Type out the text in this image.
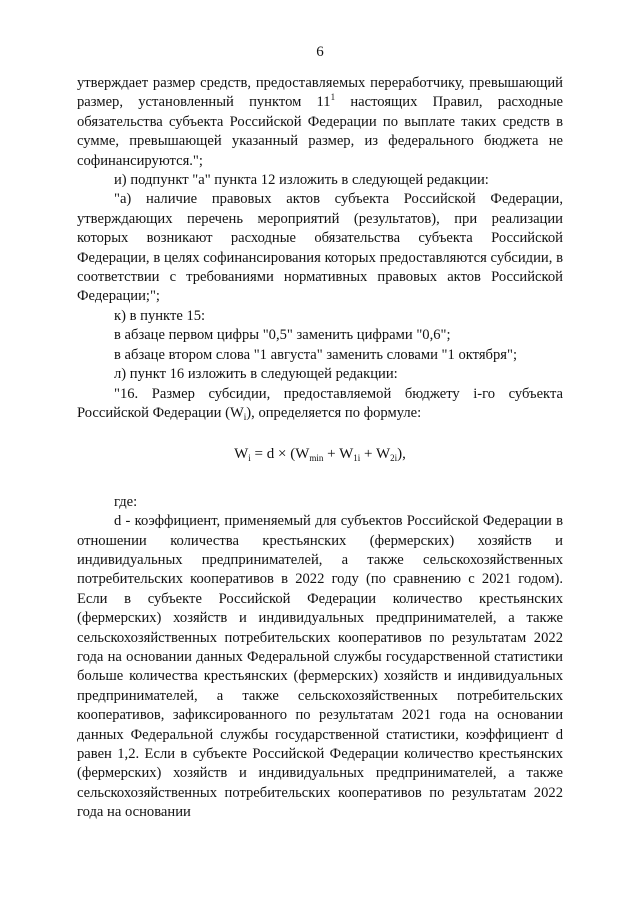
6

утверждает размер средств, предоставляемых переработчику, превышающий размер, установленный пунктом $11^1$ настоящих Правил, расходные обязательства субъекта Российской Федерации по выплате таких средств в сумме, превышающей указанный размер, из федерального бюджета не софинансируются.";

и) подпункт "а" пункта 12 изложить в следующей редакции:

"а) наличие правовых актов субъекта Российской Федерации, утверждающих перечень мероприятий (результатов), при реализации которых возникают расходные обязательства субъекта Российской Федерации, в целях софинансирования которых предоставляются субсидии, в соответствии с требованиями нормативных правовых актов Российской Федерации;";

к) в пункте 15:

в абзаце первом цифры "0,5" заменить цифрами "0,6";

в абзаце втором слова "1 августа" заменить словами "1 октября";

л) пункт 16 изложить в следующей редакции:

"16. Размер субсидии, предоставляемой бюджету i-го субъекта Российской Федерации $(W_i)$, определяется по формуле:

$W_i = d \times (W_{min} + W_{1i} + W_{2i})$,

где:

d - коэффициент, применяемый для субъектов Российской Федерации в отношении количества крестьянских (фермерских) хозяйств и индивидуальных предпринимателей, а также сельскохозяйственных потребительских кооперативов в 2022 году (по сравнению с 2021 годом). Если в субъекте Российской Федерации количество крестьянских (фермерских) хозяйств и индивидуальных предпринимателей, а также сельскохозяйственных потребительских кооперативов по результатам 2022 года на основании данных Федеральной службы государственной статистики больше количества крестьянских (фермерских) хозяйств и индивидуальных предпринимателей, а также сельскохозяйственных потребительских кооперативов, зафиксированного по результатам 2021 года на основании данных Федеральной службы государственной статистики, коэффициент d равен 1,2. Если в субъекте Российской Федерации количество крестьянских (фермерских) хозяйств и индивидуальных предпринимателей, а также сельскохозяйственных потребительских кооперативов по результатам 2022 года на основании
